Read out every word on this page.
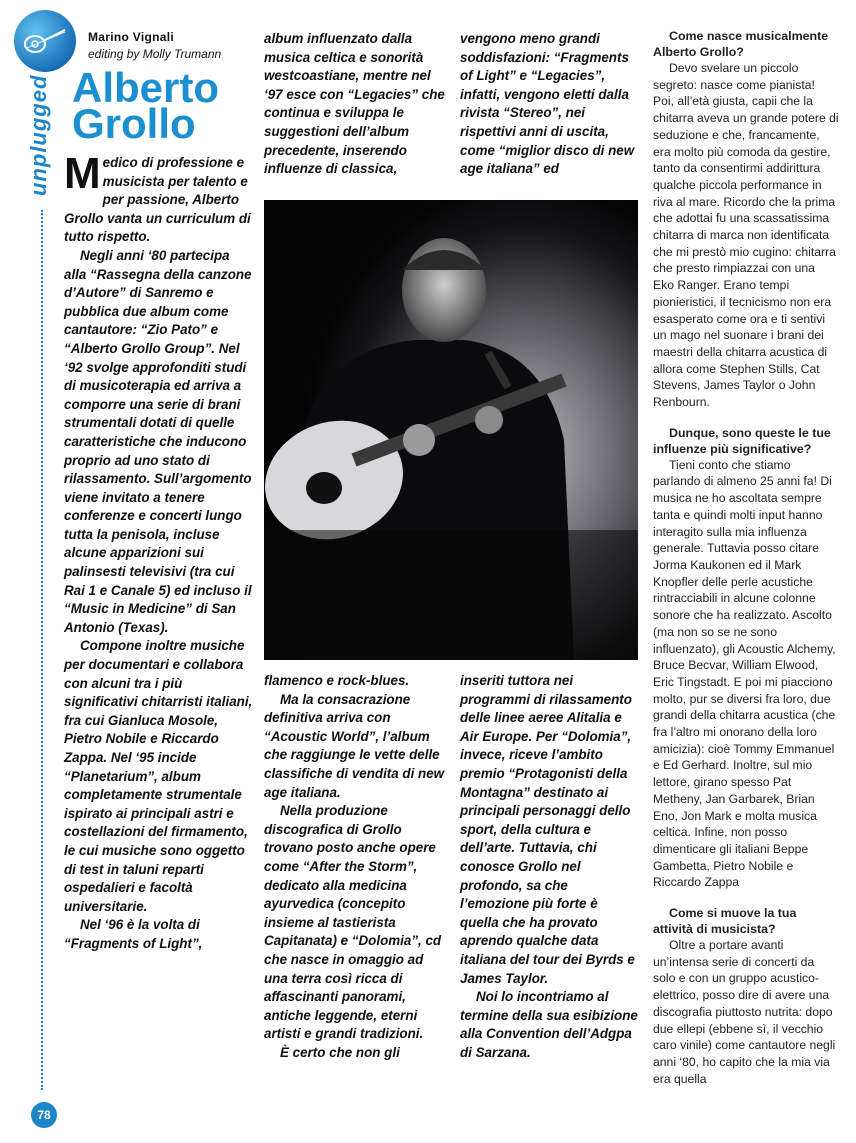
unplugged
Marino Vignali
editing by Molly Trumann
Alberto
Grollo

Medico di professione e musicista per talento e per passione, Alberto Grollo vanta un curriculum di tutto rispetto.

Negli anni ‘80 partecipa alla “Rassegna della canzone d’Autore” di Sanremo e pubblica due album come cantautore: “Zio Pato” e “Alberto Grollo Group”. Nel ‘92 svolge approfonditi studi di musicoterapia ed arriva a comporre una serie di brani strumentali dotati di quelle caratteristiche che inducono proprio ad uno stato di rilassamento. Sull’argomento viene invitato a tenere conferenze e concerti lungo tutta la penisola, incluse alcune apparizioni sui palinsesti televisivi (tra cui Rai 1 e Canale 5) ed incluso il “Music in Medicine” di San Antonio (Texas).

Compone inoltre musiche per documentari e collabora con alcuni tra i più significativi chitarristi italiani, fra cui Gianluca Mosole, Pietro Nobile e Riccardo Zappa. Nel ‘95 incide “Planetarium”, album completamente strumentale ispirato ai principali astri e costellazioni del firmamento, le cui musiche sono oggetto di test in taluni reparti ospedalieri e facoltà universitarie.

Nel ‘96 è la volta di “Fragments of Light”,

album influenzato dalla musica celtica e sonorità westcoastiane, mentre nel ‘97 esce con “Legacies” che continua e sviluppa le suggestioni dell’album precedente, inserendo influenze di classica,

vengono meno grandi soddisfazioni: “Fragments of Light” e “Legacies”, infatti, vengono eletti dalla rivista “Stereo”, nei rispettivi anni di uscita, come “miglior disco di new age italiana” ed

flamenco e rock-blues.

Ma la consacrazione definitiva arriva con “Acoustic World”, l’album che raggiunge le vette delle classifiche di vendita di new age italiana.

Nella produzione discografica di Grollo trovano posto anche opere come “After the Storm”, dedicato alla medicina ayurvedica (concepito insieme al tastierista Capitanata) e “Dolomia”, cd che nasce in omaggio ad una terra così ricca di affascinanti panorami, antiche leggende, eterni artisti e grandi tradizioni.

È certo che non gli

inseriti tuttora nei programmi di rilassamento delle linee aeree Alitalia e Air Europe. Per “Dolomia”, invece, riceve l’ambito premio “Protagonisti della Montagna” destinato ai principali personaggi dello sport, della cultura e dell’arte. Tuttavia, chi conosce Grollo nel profondo, sa che l’emozione più forte è quella che ha provato aprendo qualche data italiana del tour dei Byrds e James Taylor.

Noi lo incontriamo al termine della sua esibizione alla Convention dell’Adgpa di Sarzana.

Come nasce musicalmente Alberto Grollo?

Devo svelare un piccolo segreto: nasce come pianista! Poi, all’età giusta, capii che la chitarra aveva un grande potere di seduzione e che, francamente, era molto più comoda da gestire, tanto da consentirmi addirittura qualche piccola performance in riva al mare. Ricordo che la prima che adottai fu una scassatissima chitarra di marca non identificata che mi prestò mio cugino: chitarra che presto rimpiazzai con una Eko Ranger. Erano tempi pionieristici, il tecnicismo non era esasperato come ora e ti sentivi un mago nel suonare i brani dei maestri della chitarra acustica di allora come Stephen Stills, Cat Stevens, James Taylor o John Renbourn.

Dunque, sono queste le tue influenze più significative?

Tieni conto che stiamo parlando di almeno 25 anni fa! Di musica ne ho ascoltata sempre tanta e quindi molti input hanno interagito sulla mia influenza generale. Tuttavia posso citare Jorma Kaukonen ed il Mark Knopfler delle perle acustiche rintracciabili in alcune colonne sonore che ha realizzato. Ascolto (ma non so se ne sono influenzato), gli Acoustic Alchemy, Bruce Becvar, William Elwood, Eric Tingstadt. E poi mi piacciono molto, pur se diversi fra loro, due grandi della chitarra acustica (che fra l’altro mi onorano della loro amicizia): cioè Tommy Emmanuel e Ed Gerhard. Inoltre, sul mio lettore, girano spesso Pat Metheny, Jan Garbarek, Brian Eno, Jon Mark e molta musica celtica. Infine, non posso dimenticare gli italiani Beppe Gambetta, Pietro Nobile e Riccardo Zappa

Come si muove la tua attività di musicista?

Oltre a portare avanti un’intensa serie di concerti da solo e con un gruppo acustico-elettrico, posso dire di avere una discografia piuttosto nutrita: dopo due ellepi (ebbene sì, il vecchio caro vinile) come cantautore negli anni ‘80, ho capito che la mia via era quella

78
